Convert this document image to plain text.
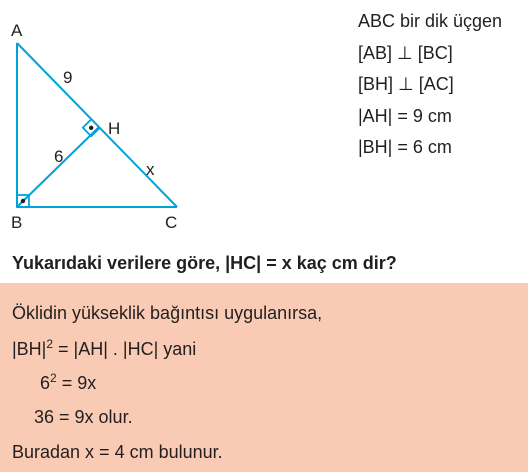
A
B	C
H
9
6
x
ABC bir dik üçgen
[AB] ⊥ [BC]
[BH] ⊥ [AC]
|AH| = 9 cm
|BH| = 6 cm
Yukarıdaki verilere göre, |HC| = x kaç cm dir?
Öklidin yükseklik bağıntısı uygulanırsa,
$|BH|^2 = |AH|$ . |HC| yani
$6^2 = 9x$
36 = 9x olur.
Buradan x = 4 cm bulunur.
